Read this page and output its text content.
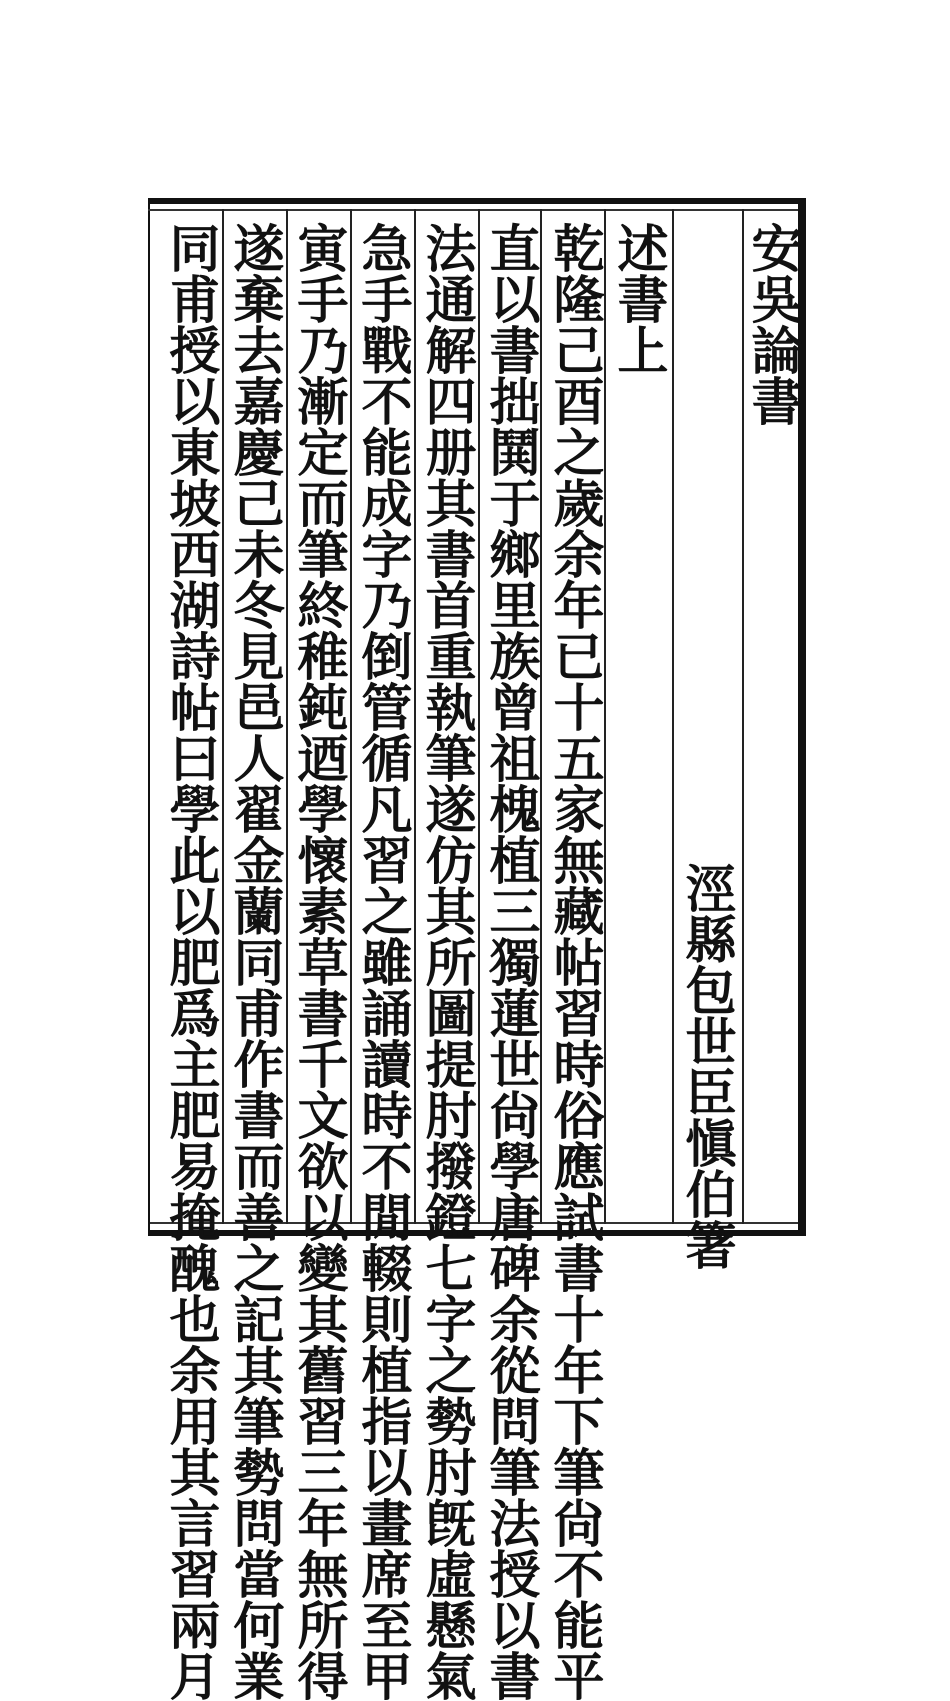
安吳論書
涇縣包世臣愼伯箸
述書上
乾隆己酉之歲余年已十五家無藏帖習時俗應試書十年下筆尙不能平
直以書拙鬨于鄉里族曾祖槐植三獨蓮世尙學唐碑余從問筆法授以書
法通解四册其書首重執筆遂仿其所圖提肘撥鐙七字之勢肘旣虛懸氣
急手戰不能成字乃倒管循凡習之雖誦讀時不閒輟則植指以畫席至甲
寅手乃漸定而筆終稚鈍迺學懷素草書千文欲以變其舊習三年無所得
遂棄去嘉慶己未冬見邑人翟金蘭同甫作書而善之記其筆勢問當何業
同甫授以東坡西湖詩帖曰學此以肥爲主肥易掩醜也余用其言習兩月
